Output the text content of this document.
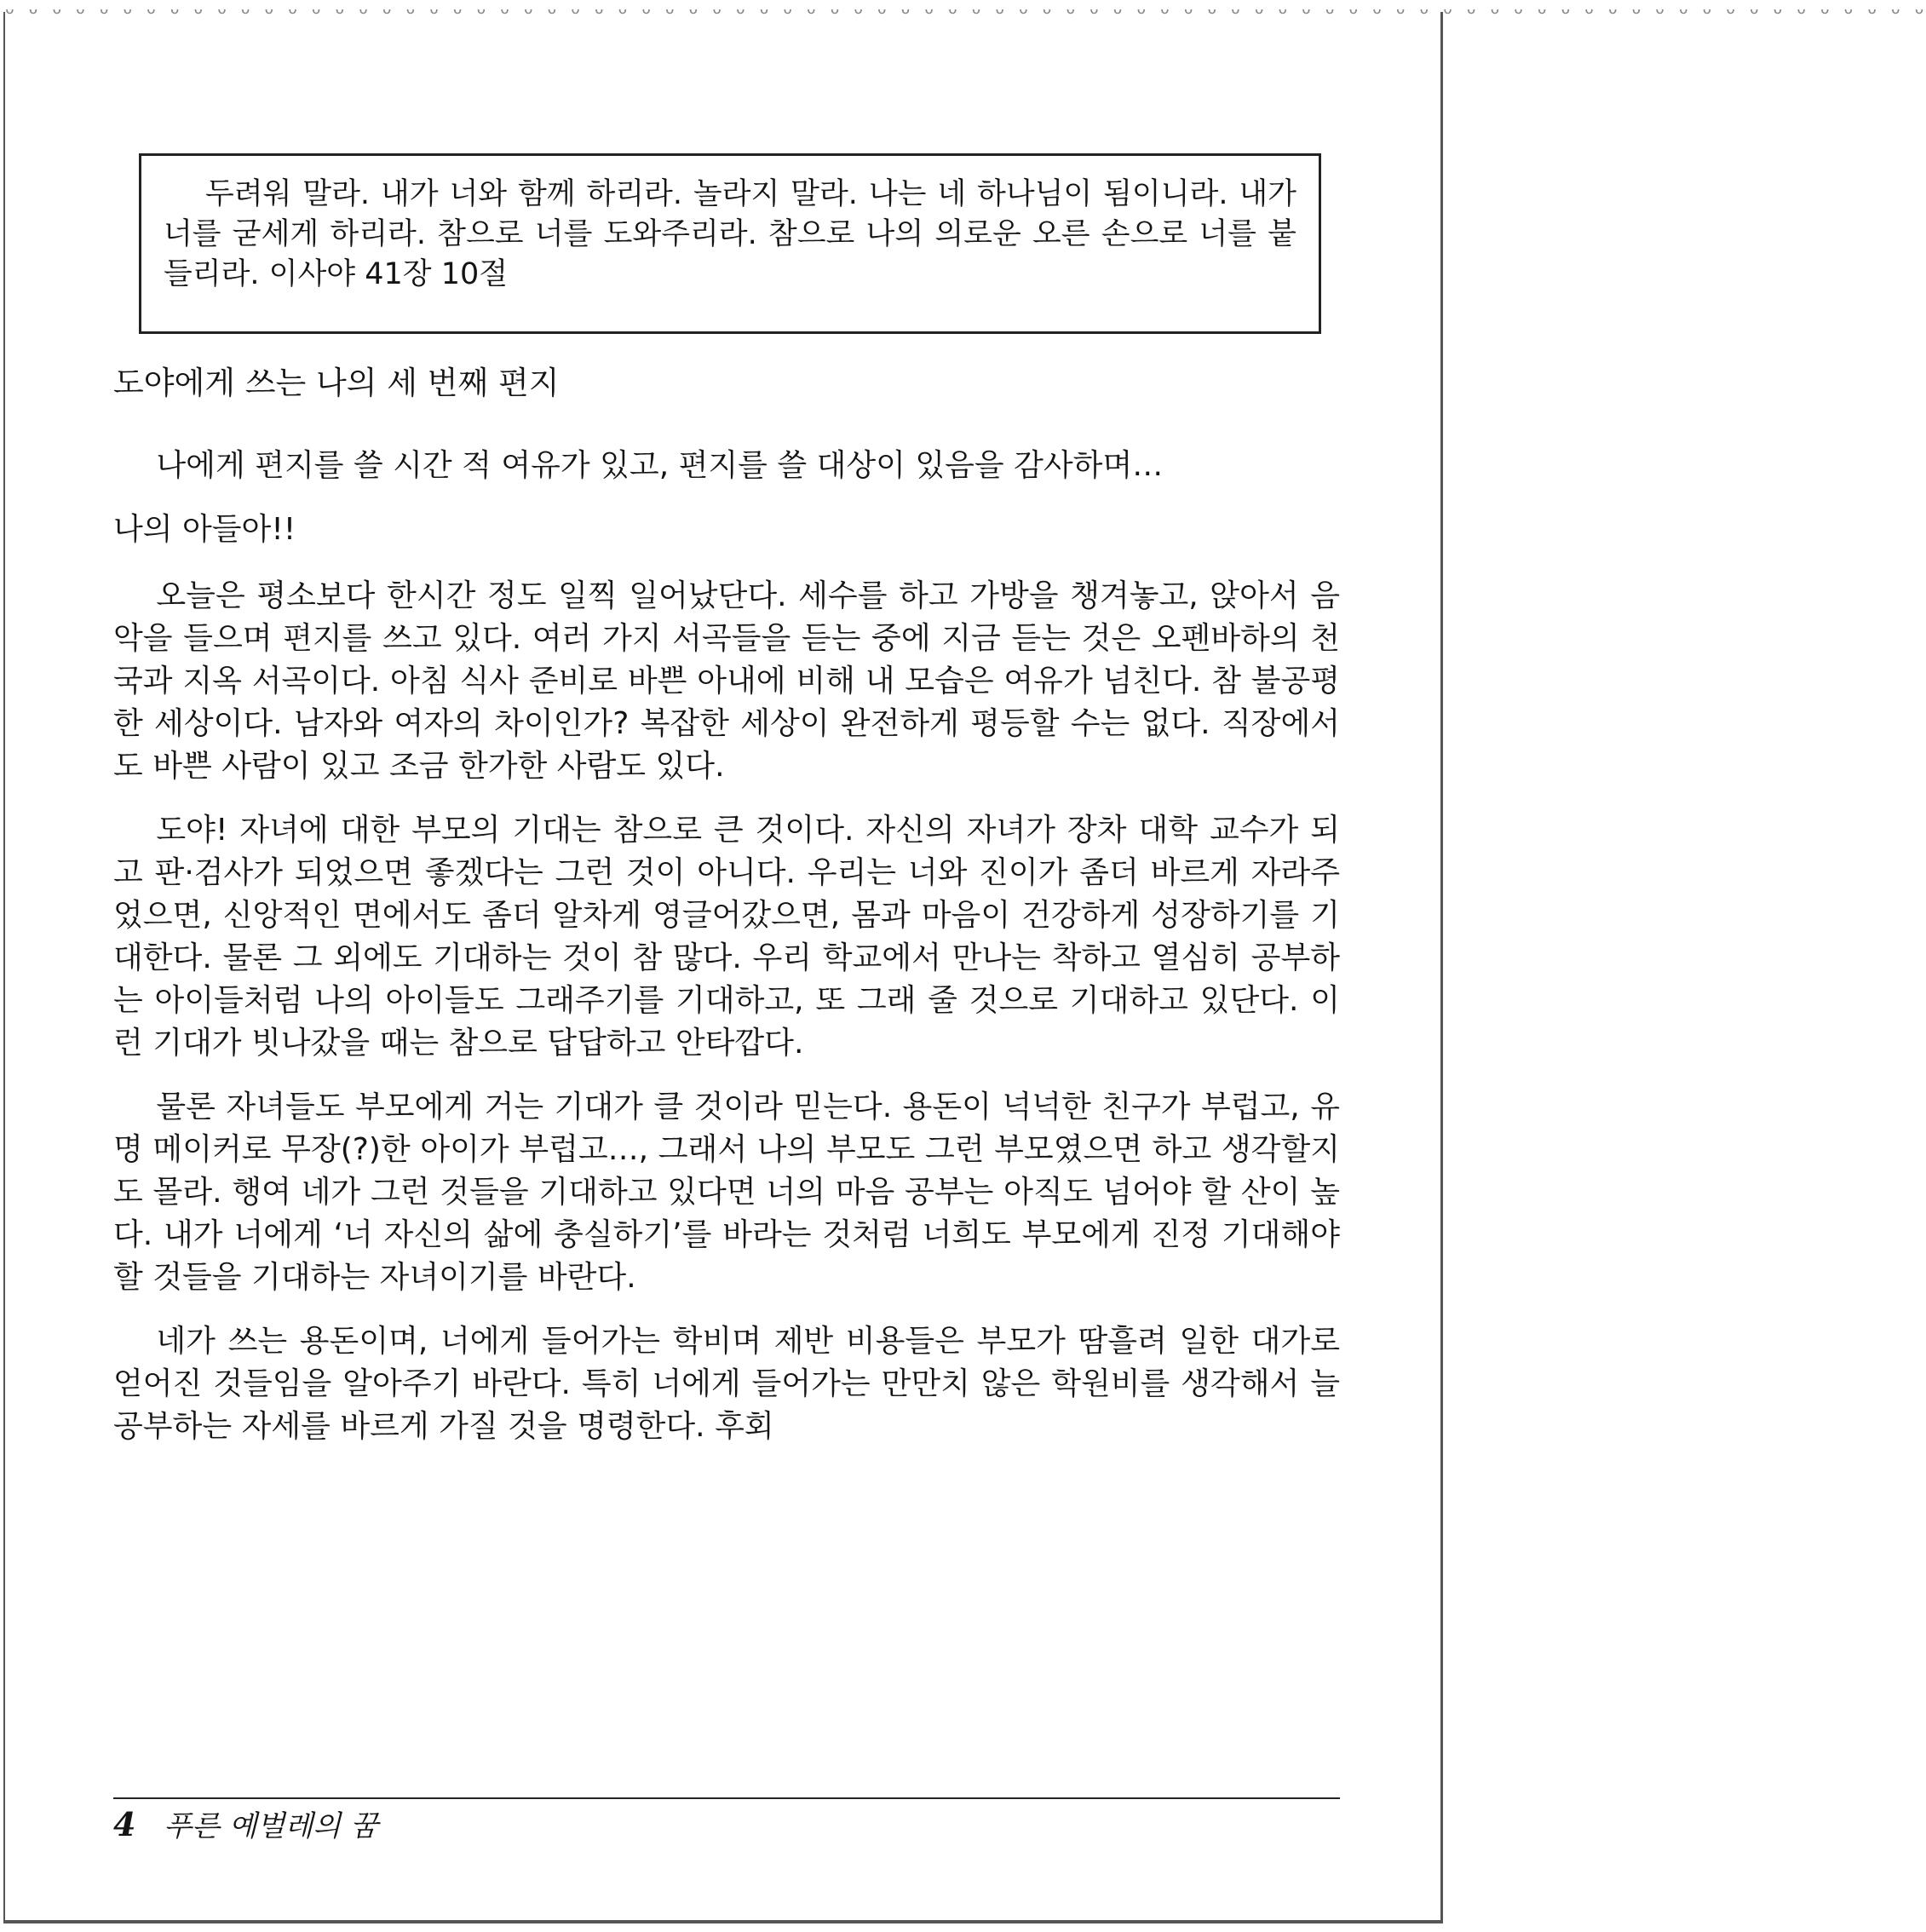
ᴗ ᴗ ᴗ ᴗ ᴗ ᴗ ᴗ ᴗ ᴗ ᴗ ᴗ ᴗ ᴗ ᴗ ᴗ ᴗ ᴗ ᴗ ᴗ ᴗ ᴗ ᴗ ᴗ ᴗ ᴗ ᴗ ᴗ ᴗ ᴗ ᴗ ᴗ ᴗ ᴗ ᴗ ᴗ ᴗ ᴗ ᴗ ᴗ ᴗ ᴗ ᴗ ᴗ ᴗ ᴗ ᴗ ᴗ ᴗ ᴗ ᴗ ᴗ ᴗ ᴗ ᴗ ᴗ ᴗ ᴗ ᴗ ᴗ ᴗ ᴗ ᴗ ᴗ ᴗ ᴗ ᴗ ᴗ ᴗ ᴗ ᴗ ᴗ ᴗ ᴗ ᴗ ᴗ ᴗ ᴗ ᴗ ᴗ ᴗ ᴗ ᴗ

두려워 말라. 내가 너와 함께 하리라. 놀라지 말라. 나는 네 하나님이 됨이니라. 내가 너를 굳세게 하리라. 참으로 너를 도와주리라. 참으로 나의 의로운 오른 손으로 너를 붙들리라. 이사야 41장 10절

도야에게 쓰는 나의 세 번째 편지

나에게 편지를 쓸 시간 적 여유가 있고, 편지를 쓸 대상이 있음을 감사하며…

나의 아들아!!

오늘은 평소보다 한시간 정도 일찍 일어났단다. 세수를 하고 가방을 챙겨놓고, 앉아서 음악을 들으며 편지를 쓰고 있다. 여러 가지 서곡들을 듣는 중에 지금 듣는 것은 오펜바하의 천국과 지옥 서곡이다. 아침 식사 준비로 바쁜 아내에 비해 내 모습은 여유가 넘친다. 참 불공평한 세상이다. 남자와 여자의 차이인가? 복잡한 세상이 완전하게 평등할 수는 없다. 직장에서도 바쁜 사람이 있고 조금 한가한 사람도 있다.

도야! 자녀에 대한 부모의 기대는 참으로 큰 것이다. 자신의 자녀가 장차 대학 교수가 되고 판·검사가 되었으면 좋겠다는 그런 것이 아니다. 우리는 너와 진이가 좀더 바르게 자라주었으면, 신앙적인 면에서도 좀더 알차게 영글어갔으면, 몸과 마음이 건강하게 성장하기를 기대한다. 물론 그 외에도 기대하는 것이 참 많다. 우리 학교에서 만나는 착하고 열심히 공부하는 아이들처럼 나의 아이들도 그래주기를 기대하고, 또 그래 줄 것으로 기대하고 있단다. 이런 기대가 빗나갔을 때는 참으로 답답하고 안타깝다.

물론 자녀들도 부모에게 거는 기대가 클 것이라 믿는다. 용돈이 넉넉한 친구가 부럽고, 유명 메이커로 무장(?)한 아이가 부럽고…, 그래서 나의 부모도 그런 부모였으면 하고 생각할지도 몰라. 행여 네가 그런 것들을 기대하고 있다면 너의 마음 공부는 아직도 넘어야 할 산이 높다. 내가 너에게 ‘너 자신의 삶에 충실하기’를 바라는 것처럼 너희도 부모에게 진정 기대해야 할 것들을 기대하는 자녀이기를 바란다.

네가 쓰는 용돈이며, 너에게 들어가는 학비며 제반 비용들은 부모가 땀흘려 일한 대가로 얻어진 것들임을 알아주기 바란다. 특히 너에게 들어가는 만만치 않은 학원비를 생각해서 늘 공부하는 자세를 바르게 가질 것을 명령한다. 후회

4 푸른 예벌레의 꿈
